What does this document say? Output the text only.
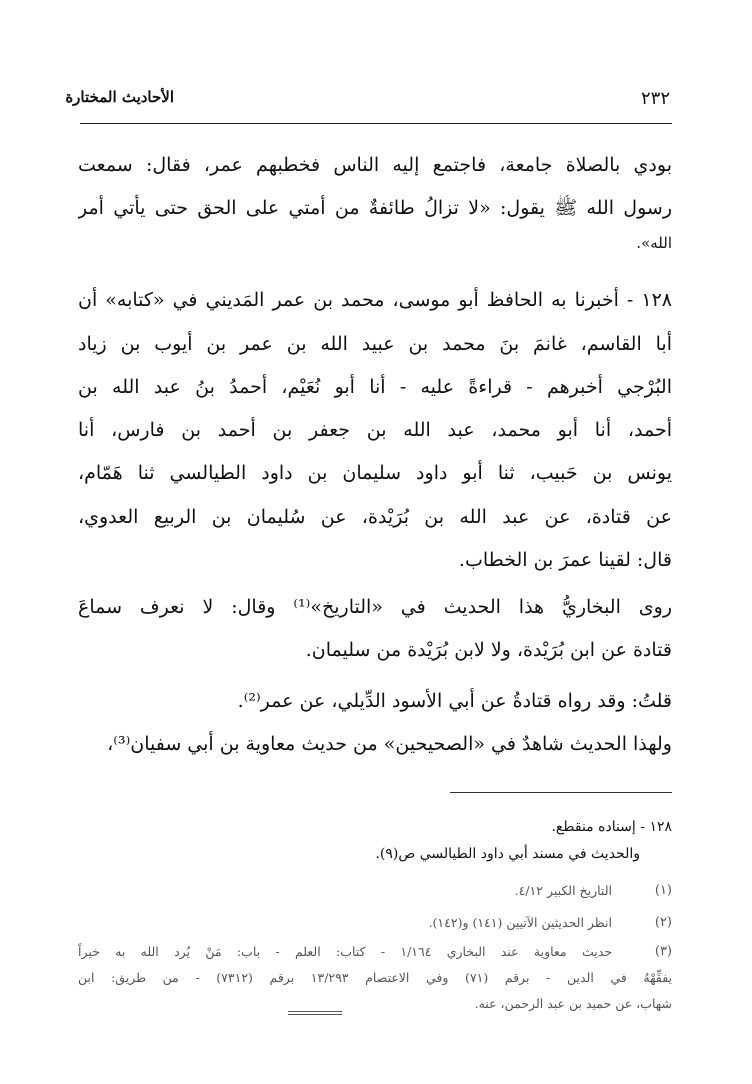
الأحاديث المختارة	٢٣٢
بودي بالصلاة جامعة، فاجتمع إليه الناس فخطبهم عمر، فقال: سمعت
رسول الله ﷺ يقول: «لا تزالُ طائفةٌ من أمتي على الحق حتى يأتي أمر
الله».
١٢٨ - أخبرنا به الحافظ أبو موسى، محمد بن عمر المَديني في «كتابه» أن
أبا القاسم، غانمَ بنَ محمد بن عبيد الله بن عمر بن أيوب بن زياد
البُرْجي أخبرهم - قراءةً عليه - أنا أبو نُعَيْم، أحمدُ بنُ عبد الله بن
أحمد، أنا أبو محمد، عبد الله بن جعفر بن أحمد بن فارس، أنا
يونس بن حَبيب، ثنا أبو داود سليمان بن داود الطيالسي ثنا هَمّام،
عن قتادة، عن عبد الله بن بُرَيْدة، عن سُليمان بن الربيع العدوي،
قال: لقينا عمرَ بن الخطاب.
روى البخاريُّ هذا الحديث في «التاريخ»⁽¹⁾ وقال: لا نعرف سماعَ
قتادة عن ابن بُرَيْدة، ولا لابن بُرَيْدة من سليمان.
قلتُ: وقد رواه قتادةُ عن أبي الأسود الدِّيلي، عن عمر⁽²⁾.
ولهذا الحديث شاهدٌ في «الصحيحين» من حديث معاوية بن أبي سفيان⁽³⁾،
١٢٨ - إسناده منقطع.
والحديث في مسند أبي داود الطيالسي ص(٩).
(١)
التاريخ الكبير ٤/١٢.
(٢)
انظر الحديثين الآتيين (١٤١) و(١٤٢).
(٣)
حديث معاوية عند البخاري ١/١٦٤ - كتاب: العلم - باب: مَنْ يُرد الله به خيراً
يفقِّهْهُ في الدين - برقم (٧١) وفي الاعتصام ١٣/٢٩٣ برقم (٧٣١٢) - من طريق: ابن
شهاب، عن حميد بن عبد الرحمن، عنه.
